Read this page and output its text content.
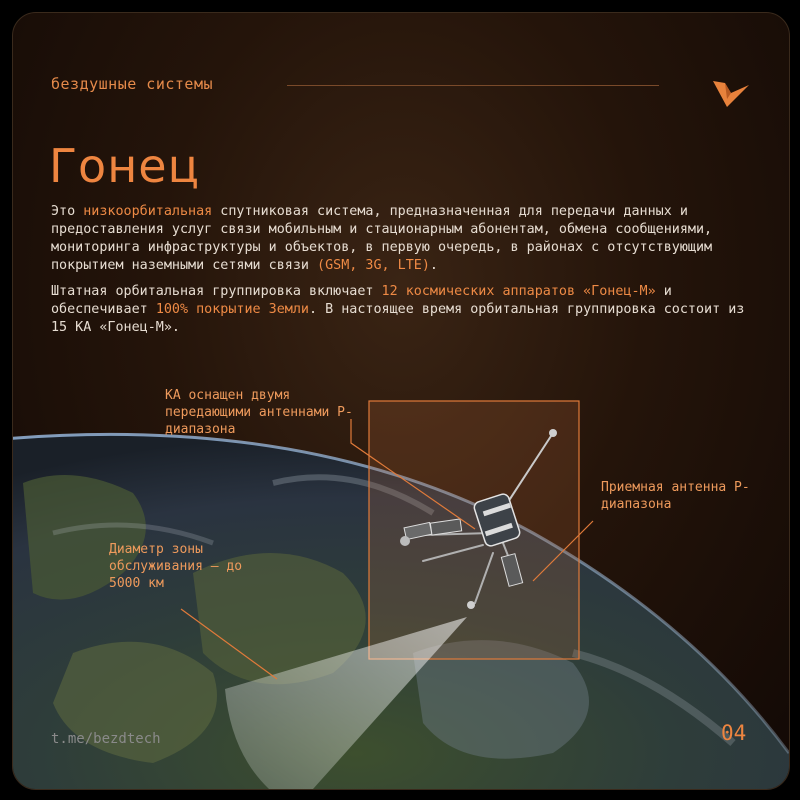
бездушные системы
Гонец
Это низкоорбитальная спутниковая система, предназначенная для передачи данных и предоставления услуг связи мобильным и стационарным абонентам, обмена сообщениями, мониторинга инфраструктуры и объектов, в первую очередь, в районах с отсутствующим покрытием наземными сетями связи (GSM, 3G, LTE).
Штатная орбитальная группировка включает 12 космических аппаратов «Гонец-М» и обеспечивает 100% покрытие Земли. В настоящее время орбитальная группировка состоит из 15 КА «Гонец-М».
КА оснащен двумя передающими антеннами Р-диапазона
Приемная антенна Р-диапазона
Диаметр зоны обслуживания — до 5000 км
t.me/bezdtech	04
